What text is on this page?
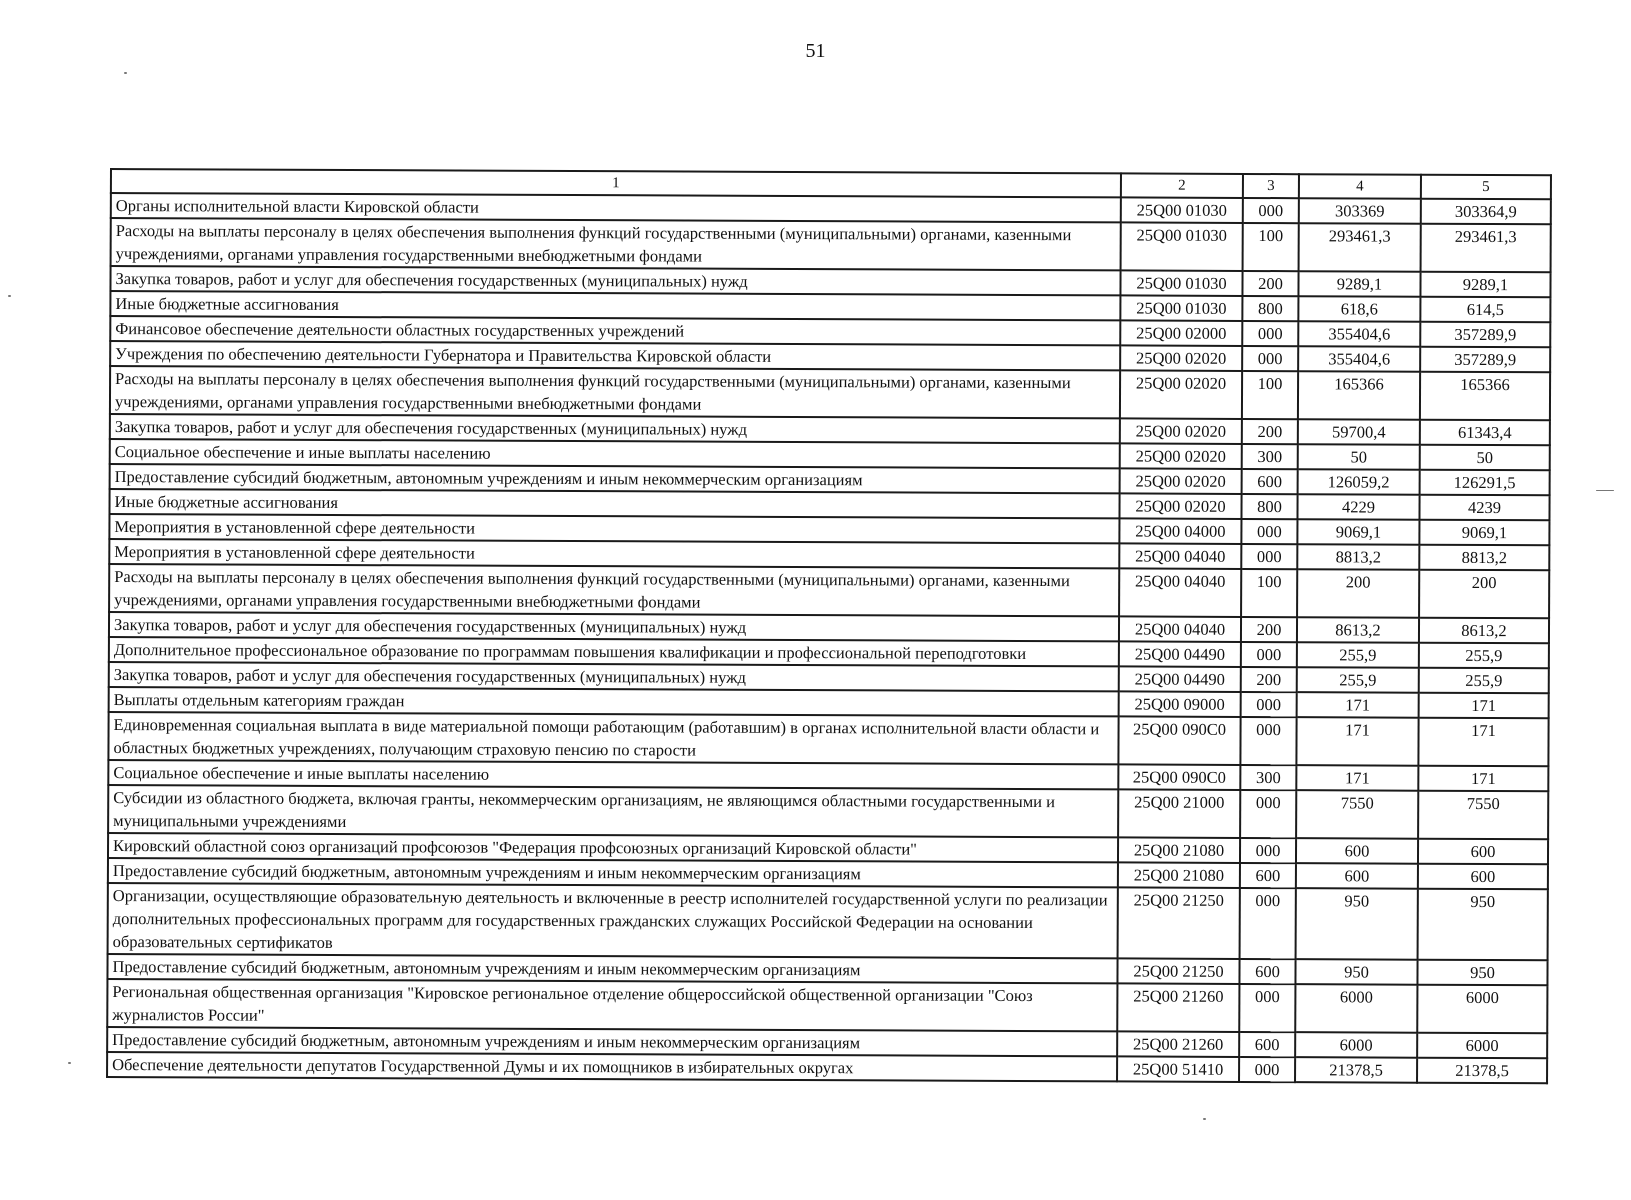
51
1	2	3	4	5
Органы исполнительной власти Кировской области	25Q00 01030	000	303369	303364,9
Расходы на выплаты персоналу в целях обеспечения выполнения функций государственными (муниципальными) органами, казенными учреждениями, органами управления государственными внебюджетными фондами	25Q00 01030	100	293461,3	293461,3
Закупка товаров, работ и услуг для обеспечения государственных (муниципальных) нужд	25Q00 01030	200	9289,1	9289,1
Иные бюджетные ассигнования	25Q00 01030	800	618,6	614,5
Финансовое обеспечение деятельности областных государственных учреждений	25Q00 02000	000	355404,6	357289,9
Учреждения по обеспечению деятельности Губернатора и Правительства Кировской области	25Q00 02020	000	355404,6	357289,9
Расходы на выплаты персоналу в целях обеспечения выполнения функций государственными (муниципальными) органами, казенными учреждениями, органами управления государственными внебюджетными фондами	25Q00 02020	100	165366	165366
Закупка товаров, работ и услуг для обеспечения государственных (муниципальных) нужд	25Q00 02020	200	59700,4	61343,4
Социальное обеспечение и иные выплаты населению	25Q00 02020	300	50	50
Предоставление субсидий бюджетным, автономным учреждениям и иным некоммерческим организациям	25Q00 02020	600	126059,2	126291,5
Иные бюджетные ассигнования	25Q00 02020	800	4229	4239
Мероприятия в установленной сфере деятельности	25Q00 04000	000	9069,1	9069,1
Мероприятия в установленной сфере деятельности	25Q00 04040	000	8813,2	8813,2
Расходы на выплаты персоналу в целях обеспечения выполнения функций государственными (муниципальными) органами, казенными учреждениями, органами управления государственными внебюджетными фондами	25Q00 04040	100	200	200
Закупка товаров, работ и услуг для обеспечения государственных (муниципальных) нужд	25Q00 04040	200	8613,2	8613,2
Дополнительное профессиональное образование по программам повышения квалификации и профессиональной переподготовки	25Q00 04490	000	255,9	255,9
Закупка товаров, работ и услуг для обеспечения государственных (муниципальных) нужд	25Q00 04490	200	255,9	255,9
Выплаты отдельным категориям граждан	25Q00 09000	000	171	171
Единовременная социальная выплата в виде материальной помощи работающим (работавшим) в органах исполнительной власти области и областных бюджетных учреждениях, получающим страховую пенсию по старости	25Q00 090С0	000	171	171
Социальное обеспечение и иные выплаты населению	25Q00 090С0	300	171	171
Субсидии из областного бюджета, включая гранты, некоммерческим организациям, не являющимся областными государственными и муниципальными учреждениями	25Q00 21000	000	7550	7550
Кировский областной союз организаций профсоюзов "Федерация профсоюзных организаций Кировской области"	25Q00 21080	000	600	600
Предоставление субсидий бюджетным, автономным учреждениям и иным некоммерческим организациям	25Q00 21080	600	600	600
Организации, осуществляющие образовательную деятельность и включенные в реестр исполнителей государственной услуги по реализации дополнительных профессиональных программ для государственных гражданских служащих Российской Федерации на основании образовательных сертификатов	25Q00 21250	000	950	950
Предоставление субсидий бюджетным, автономным учреждениям и иным некоммерческим организациям	25Q00 21250	600	950	950
Региональная общественная организация "Кировское региональное отделение общероссийской общественной организации "Союз журналистов России"	25Q00 21260	000	6000	6000
Предоставление субсидий бюджетным, автономным учреждениям и иным некоммерческим организациям	25Q00 21260	600	6000	6000
Обеспечение деятельности депутатов Государственной Думы и их помощников в избирательных округах	25Q00 51410	000	21378,5	21378,5
